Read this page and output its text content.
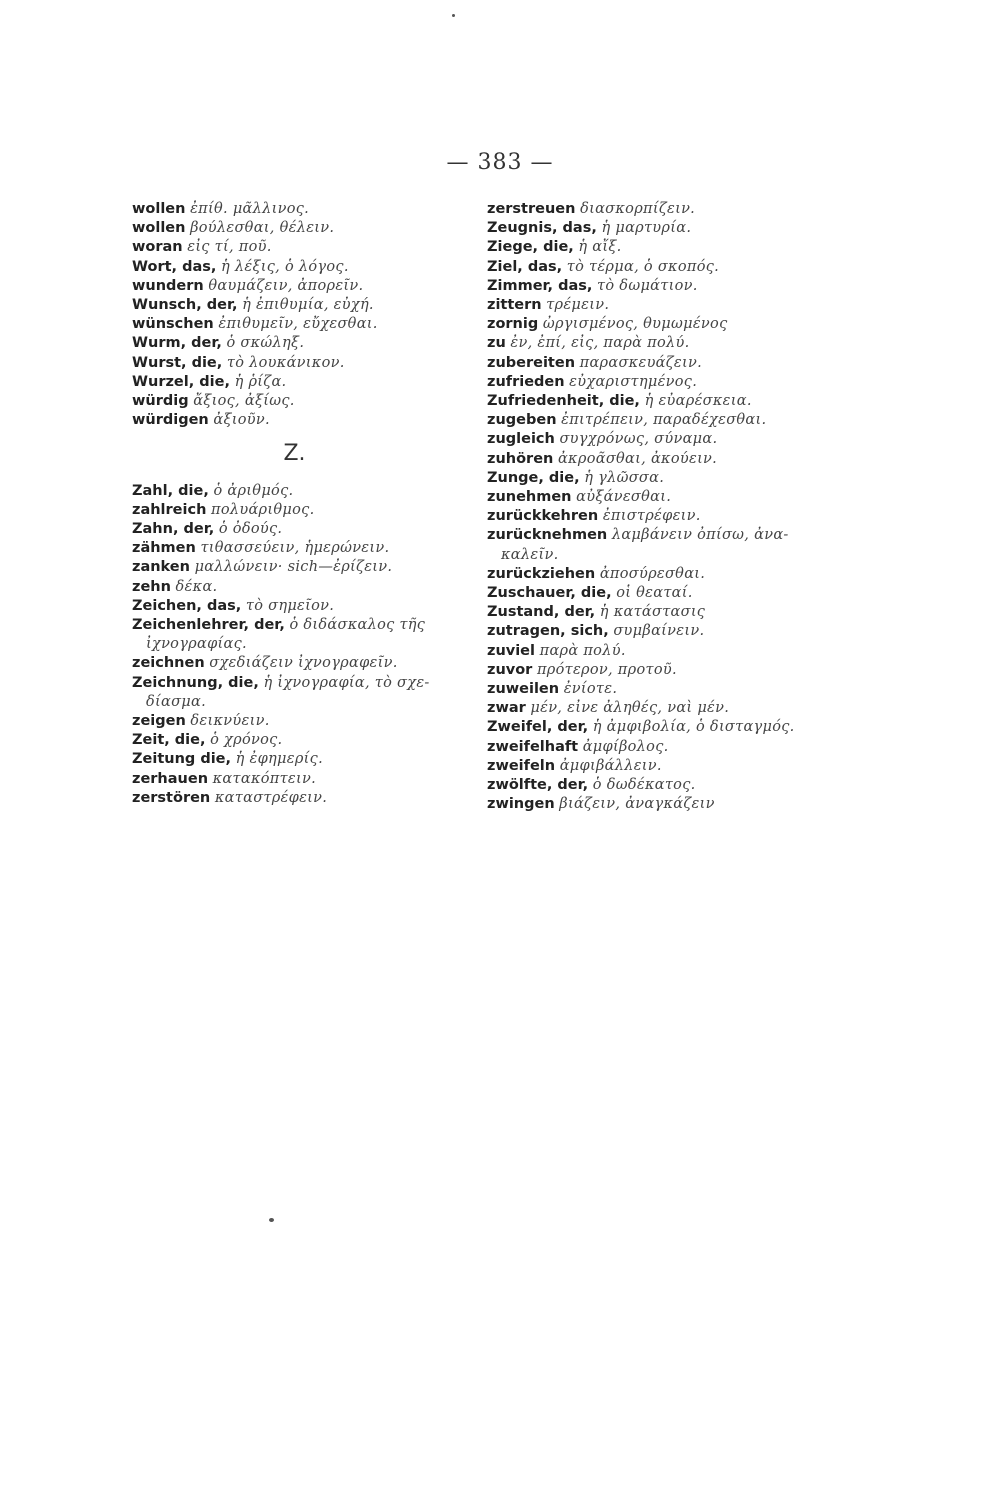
— 383 —
wollen ἐπίθ. μᾶλλινος.
wollen βούλεσθαι, θέλειν.
woran εἰς τί, ποῦ.
Wort, das, ἡ λέξις, ὁ λόγος.
wundern θαυμάζειν, ἀπορεῖν.
Wunsch, der, ἡ ἐπιθυμία, εὐχή.
wünschen ἐπιθυμεῖν, εὔχεσθαι.
Wurm, der, ὁ σκώληξ.
Wurst, die, τὸ λουκάνικον.
Wurzel, die, ἡ ῥίζα.
würdig ἄξιος, ἀξίως.
würdigen ἀξιοῦν.
Z.
Zahl, die, ὁ ἀριθμός.
zahlreich πολυάριθμος.
Zahn, der, ὁ ὀδούς.
zähmen τιθασσεύειν, ἡμερώνειν.
zanken μαλλώνειν· sich—ἐρίζειν.
zehn δέκα.
Zeichen, das, τὸ σημεῖον.
Zeichenlehrer, der, ὁ διδάσκαλος τῆς
ἰχνογραφίας.
zeichnen σχεδιάζειν ἰχνογραφεῖν.
Zeichnung, die, ἡ ἰχνογραφία, τὸ σχε-
δίασμα.
zeigen δεικνύειν.
Zeit, die, ὁ χρόνος.
Zeitung die, ἡ ἐφημερίς.
zerhauen κατακόπτειν.
zerstören καταστρέφειν.
zerstreuen διασκορπίζειν.
Zeugnis, das, ἡ μαρτυρία.
Ziege, die, ἡ αἴξ.
Ziel, das, τὸ τέρμα, ὁ σκοπός.
Zimmer, das, τὸ δωμάτιον.
zittern τρέμειν.
zornig ὠργισμένος, θυμωμένος
zu ἐν, ἐπί, εἰς, παρὰ πολύ.
zubereiten παρασκευάζειν.
zufrieden εὐχαριστημένος.
Zufriedenheit, die, ἡ εὐαρέσκεια.
zugeben ἐπιτρέπειν, παραδέχεσθαι.
zugleich συγχρόνως, σύναμα.
zuhören ἀκροᾶσθαι, ἀκούειν.
Zunge, die, ἡ γλῶσσα.
zunehmen αὐξάνεσθαι.
zurückkehren ἐπιστρέφειν.
zurücknehmen λαμβάνειν ὀπίσω, ἀνα-
καλεῖν.
zurückziehen ἀποσύρεσθαι.
Zuschauer, die, οἱ θεαταί.
Zustand, der, ἡ κατάστασις
zutragen, sich, συμβαίνειν.
zuviel παρὰ πολύ.
zuvor πρότερον, προτοῦ.
zuweilen ἐνίοτε.
zwar μέν, εἶνε ἀληθές, ναὶ μέν.
Zweifel, der, ἡ ἀμφιβολία, ὁ δισταγμός.
zweifelhaft ἀμφίβολος.
zweifeln ἀμφιβάλλειν.
zwölfte, der, ὁ δωδέκατος.
zwingen βιάζειν, ἀναγκάζειν
